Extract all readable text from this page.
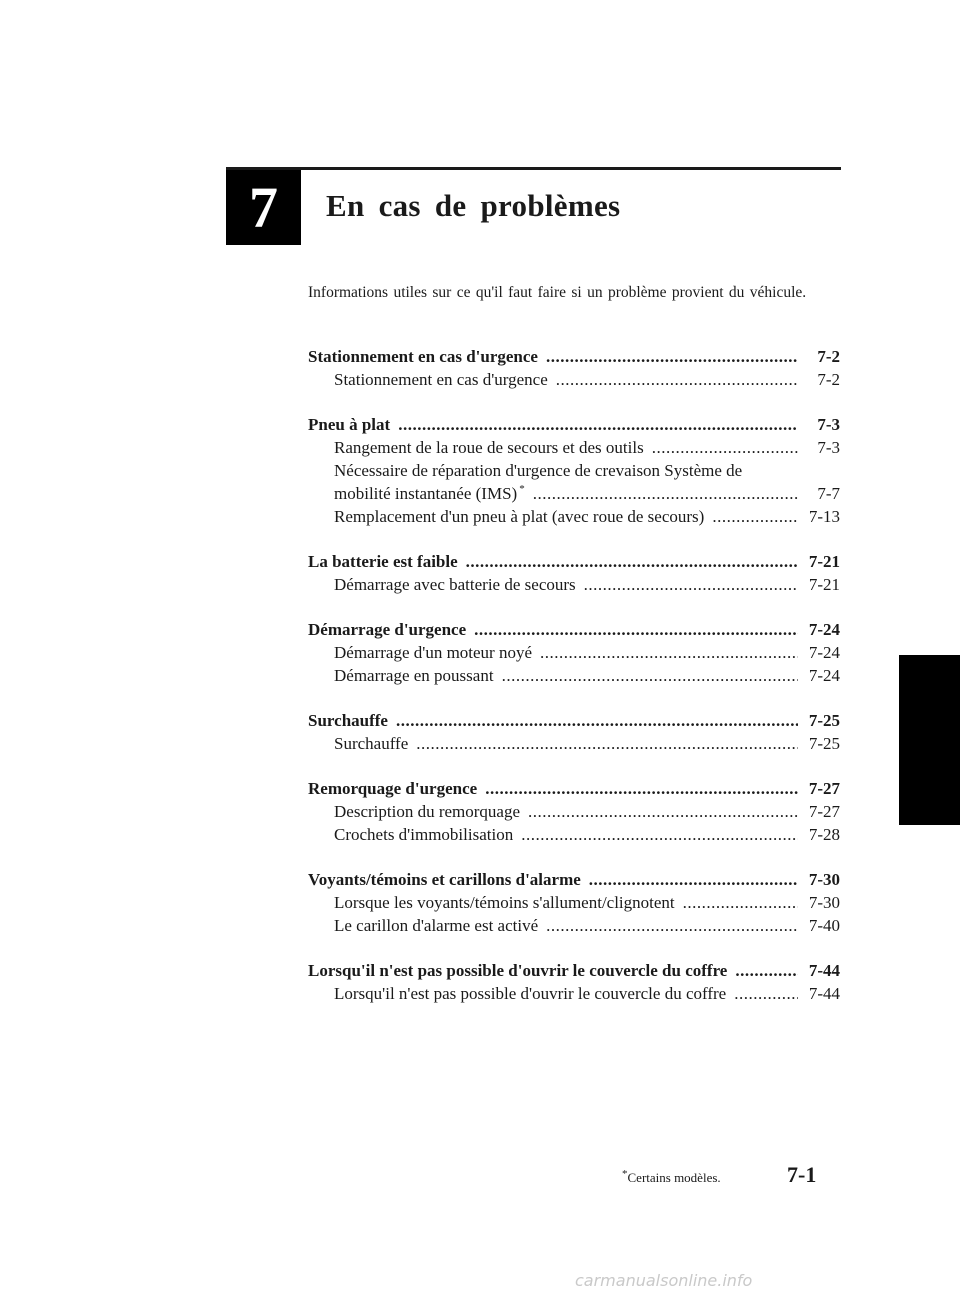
7 En cas de problèmes
Informations utiles sur ce qu'il faut faire si un problème provient du véhicule.
Stationnement en cas d'urgence .....	7-2
Stationnement en cas d'urgence .....	7-2
Pneu à plat .....	7-3
Rangement de la roue de secours et des outils .....	7-3
Nécessaire de réparation d'urgence de crevaison Système de
mobilité instantanée (IMS) * .....	7-7
Remplacement d'un pneu à plat (avec roue de secours) .....	7-13
La batterie est faible .....	7-21
Démarrage avec batterie de secours .....	7-21
Démarrage d'urgence .....	7-24
Démarrage d'un moteur noyé .....	7-24
Démarrage en poussant .....	7-24
Surchauffe .....	7-25
Surchauffe .....	7-25
Remorquage d'urgence .....	7-27
Description du remorquage .....	7-27
Crochets d'immobilisation .....	7-28
Voyants/témoins et carillons d'alarme .....	7-30
Lorsque les voyants/témoins s'allument/clignotent .....	7-30
Le carillon d'alarme est activé .....	7-40
Lorsqu'il n'est pas possible d'ouvrir le couvercle du coffre .....	7-44
Lorsqu'il n'est pas possible d'ouvrir le couvercle du coffre .....	7-44
*Certains modèles.	7-1
carmanualsonline.info
